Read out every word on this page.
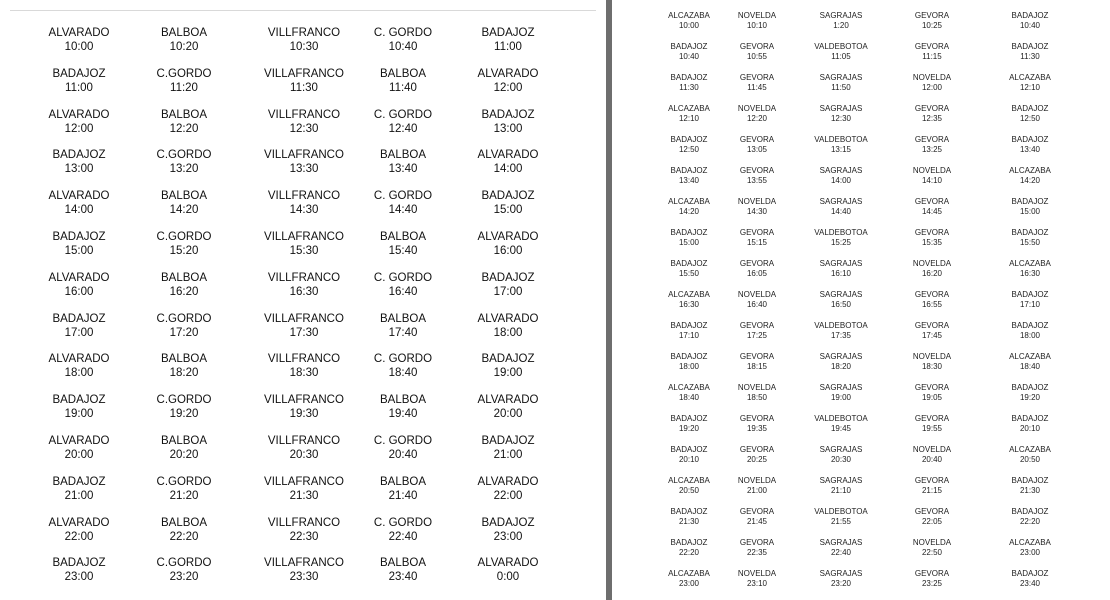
ALVARADO
10:00
BALBOA
10:20
VILLFRANCO
10:30
C. GORDO
10:40
BADAJOZ
11:00
BADAJOZ
11:00
C.GORDO
11:20
VILLAFRANCO
11:30
BALBOA
11:40
ALVARADO
12:00
ALVARADO
12:00
BALBOA
12:20
VILLFRANCO
12:30
C. GORDO
12:40
BADAJOZ
13:00
BADAJOZ
13:00
C.GORDO
13:20
VILLAFRANCO
13:30
BALBOA
13:40
ALVARADO
14:00
ALVARADO
14:00
BALBOA
14:20
VILLFRANCO
14:30
C. GORDO
14:40
BADAJOZ
15:00
BADAJOZ
15:00
C.GORDO
15:20
VILLAFRANCO
15:30
BALBOA
15:40
ALVARADO
16:00
ALVARADO
16:00
BALBOA
16:20
VILLFRANCO
16:30
C. GORDO
16:40
BADAJOZ
17:00
BADAJOZ
17:00
C.GORDO
17:20
VILLAFRANCO
17:30
BALBOA
17:40
ALVARADO
18:00
ALVARADO
18:00
BALBOA
18:20
VILLFRANCO
18:30
C. GORDO
18:40
BADAJOZ
19:00
BADAJOZ
19:00
C.GORDO
19:20
VILLAFRANCO
19:30
BALBOA
19:40
ALVARADO
20:00
ALVARADO
20:00
BALBOA
20:20
VILLFRANCO
20:30
C. GORDO
20:40
BADAJOZ
21:00
BADAJOZ
21:00
C.GORDO
21:20
VILLAFRANCO
21:30
BALBOA
21:40
ALVARADO
22:00
ALVARADO
22:00
BALBOA
22:20
VILLFRANCO
22:30
C. GORDO
22:40
BADAJOZ
23:00
BADAJOZ
23:00
C.GORDO
23:20
VILLAFRANCO
23:30
BALBOA
23:40
ALVARADO
0:00
ALCAZABA
10:00
NOVELDA
10:10
SAGRAJAS
1:20
GEVORA
10:25
BADAJOZ
10:40
BADAJOZ
10:40
GEVORA
10:55
VALDEBOTOA
11:05
GEVORA
11:15
BADAJOZ
11:30
BADAJOZ
11:30
GEVORA
11:45
SAGRAJAS
11:50
NOVELDA
12:00
ALCAZABA
12:10
ALCAZABA
12:10
NOVELDA
12:20
SAGRAJAS
12:30
GEVORA
12:35
BADAJOZ
12:50
BADAJOZ
12:50
GEVORA
13:05
VALDEBOTOA
13:15
GEVORA
13:25
BADAJOZ
13:40
BADAJOZ
13:40
GEVORA
13:55
SAGRAJAS
14:00
NOVELDA
14:10
ALCAZABA
14:20
ALCAZABA
14:20
NOVELDA
14:30
SAGRAJAS
14:40
GEVORA
14:45
BADAJOZ
15:00
BADAJOZ
15:00
GEVORA
15:15
VALDEBOTOA
15:25
GEVORA
15:35
BADAJOZ
15:50
BADAJOZ
15:50
GEVORA
16:05
SAGRAJAS
16:10
NOVELDA
16:20
ALCAZABA
16:30
ALCAZABA
16:30
NOVELDA
16:40
SAGRAJAS
16:50
GEVORA
16:55
BADAJOZ
17:10
BADAJOZ
17:10
GEVORA
17:25
VALDEBOTOA
17:35
GEVORA
17:45
BADAJOZ
18:00
BADAJOZ
18:00
GEVORA
18:15
SAGRAJAS
18:20
NOVELDA
18:30
ALCAZABA
18:40
ALCAZABA
18:40
NOVELDA
18:50
SAGRAJAS
19:00
GEVORA
19:05
BADAJOZ
19:20
BADAJOZ
19:20
GEVORA
19:35
VALDEBOTOA
19:45
GEVORA
19:55
BADAJOZ
20:10
BADAJOZ
20:10
GEVORA
20:25
SAGRAJAS
20:30
NOVELDA
20:40
ALCAZABA
20:50
ALCAZABA
20:50
NOVELDA
21:00
SAGRAJAS
21:10
GEVORA
21:15
BADAJOZ
21:30
BADAJOZ
21:30
GEVORA
21:45
VALDEBOTOA
21:55
GEVORA
22:05
BADAJOZ
22:20
BADAJOZ
22:20
GEVORA
22:35
SAGRAJAS
22:40
NOVELDA
22:50
ALCAZABA
23:00
ALCAZABA
23:00
NOVELDA
23:10
SAGRAJAS
23:20
GEVORA
23:25
BADAJOZ
23:40
